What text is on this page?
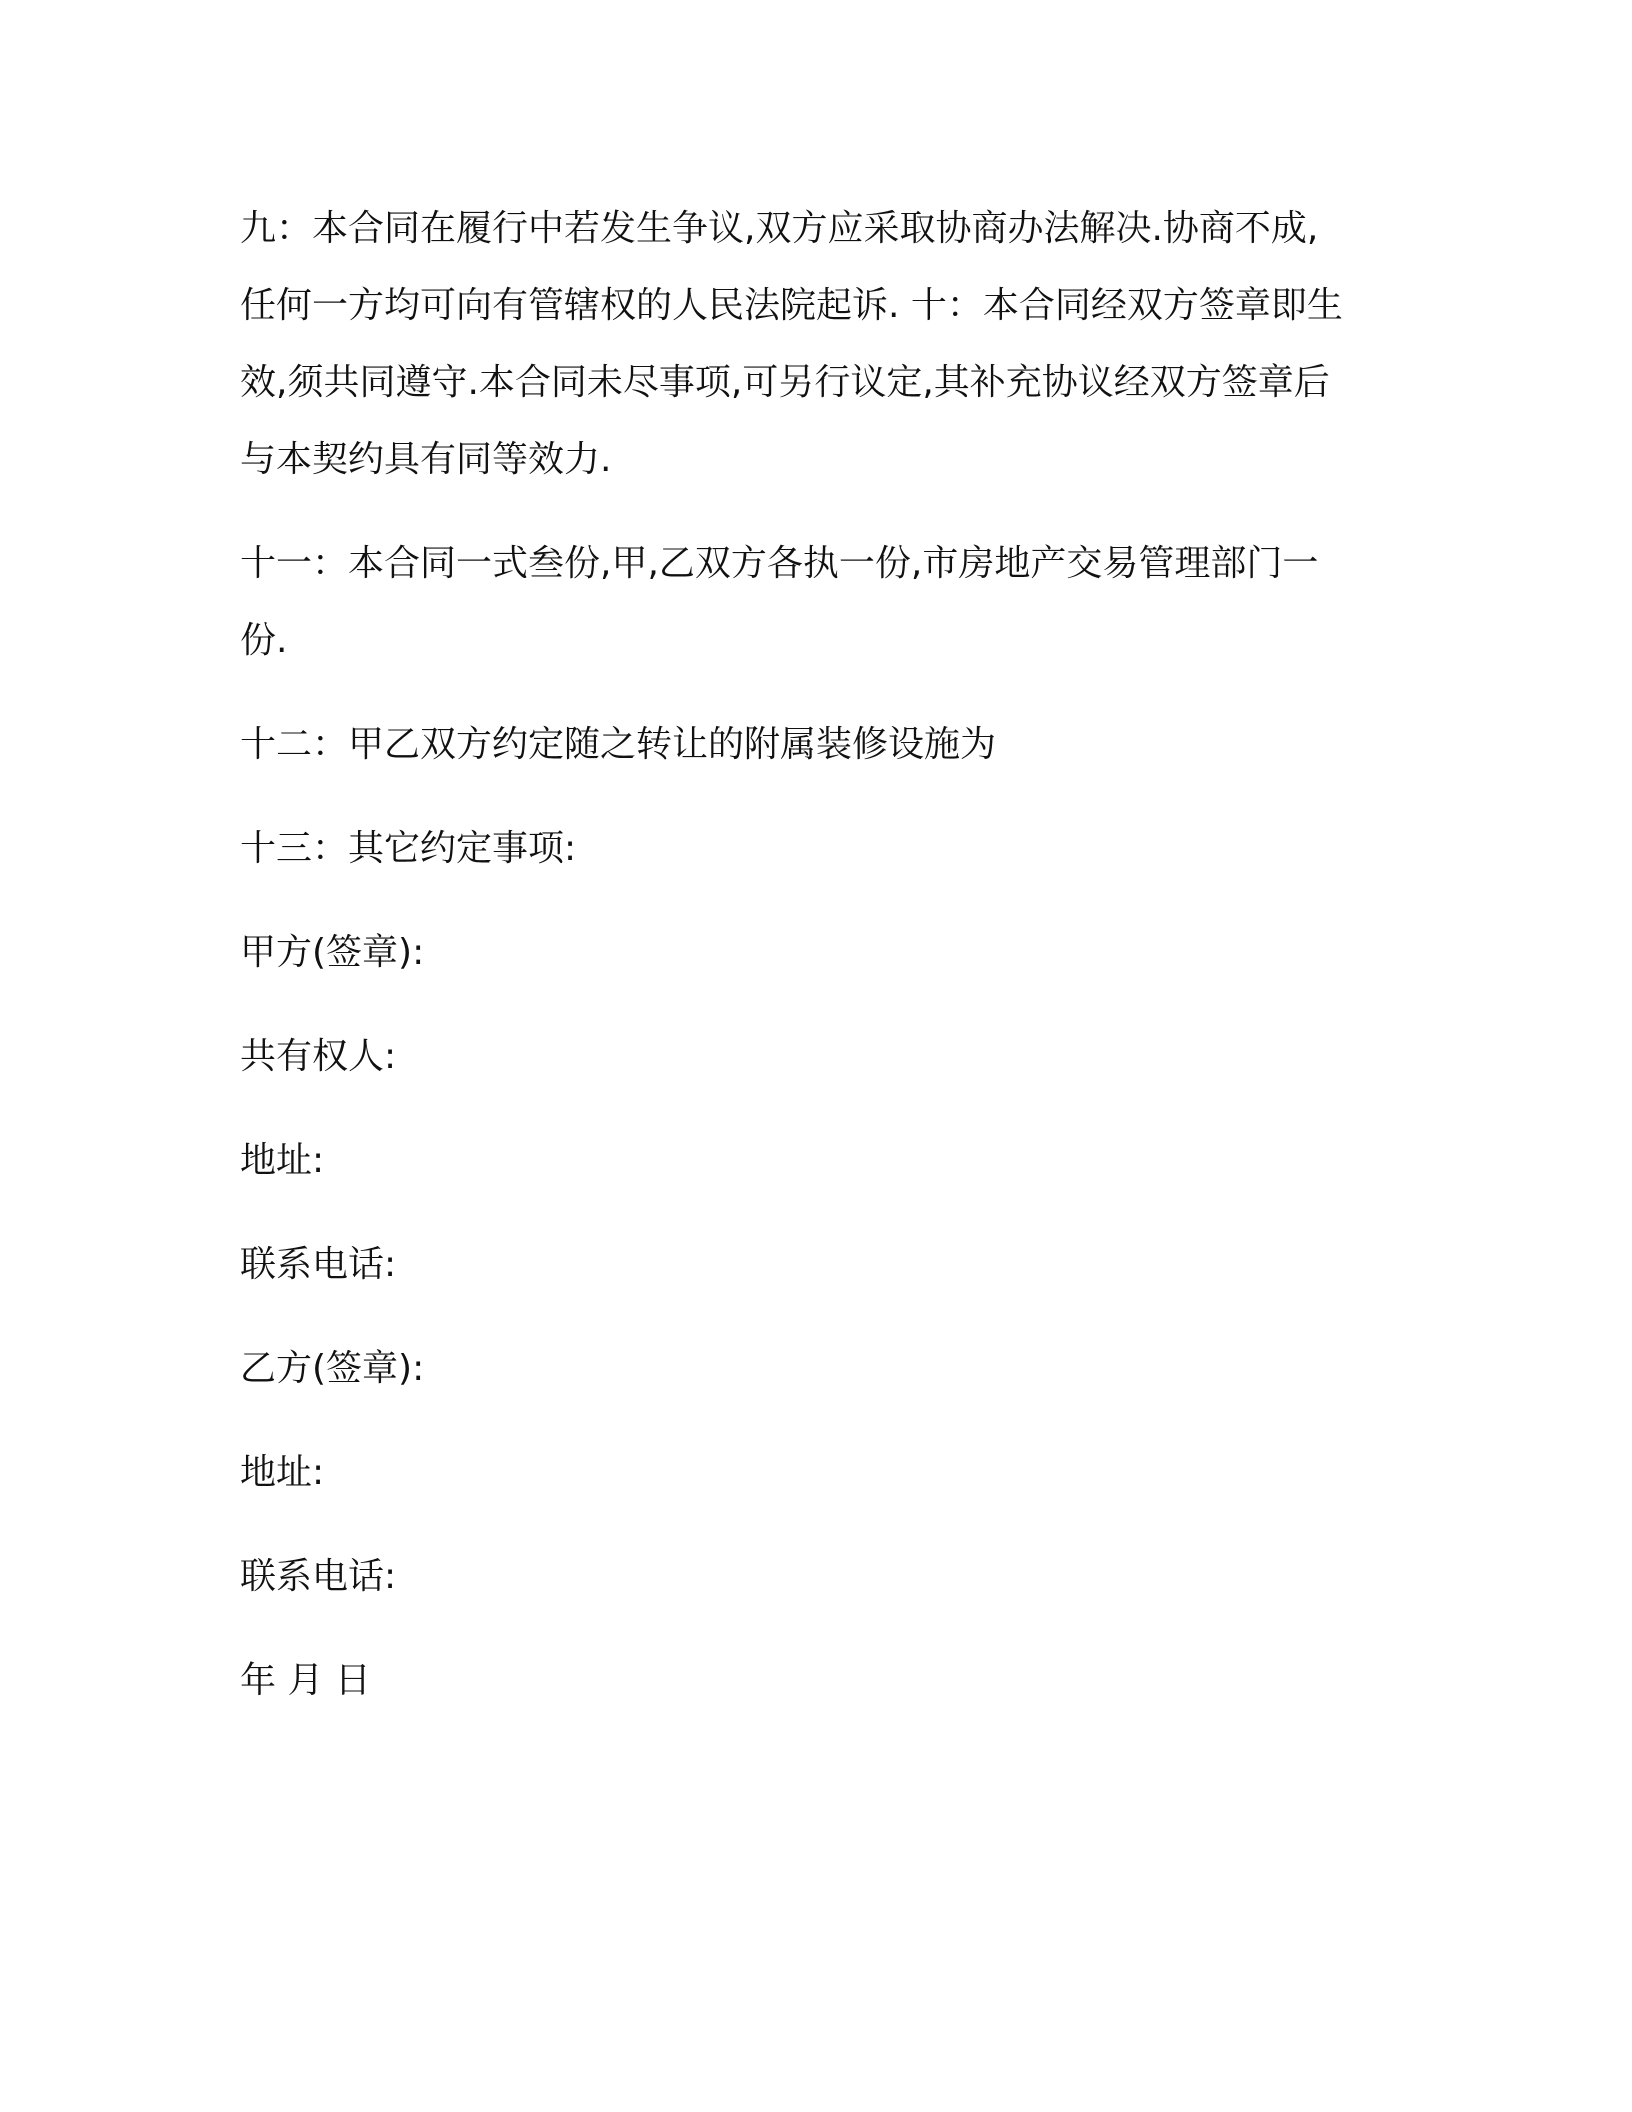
九：本合同在履行中若发生争议,双方应采取协商办法解决.协商不成,

任何一方均可向有管辖权的人民法院起诉. 十：本合同经双方签章即生

效,须共同遵守.本合同未尽事项,可另行议定,其补充协议经双方签章后

与本契约具有同等效力.

十一：本合同一式叁份,甲,乙双方各执一份,市房地产交易管理部门一

份.

十二：甲乙双方约定随之转让的附属装修设施为

十三：其它约定事项:

甲方(签章):

共有权人:

地址:

联系电话:

乙方(签章):

地址:

联系电话:

年 月 日
